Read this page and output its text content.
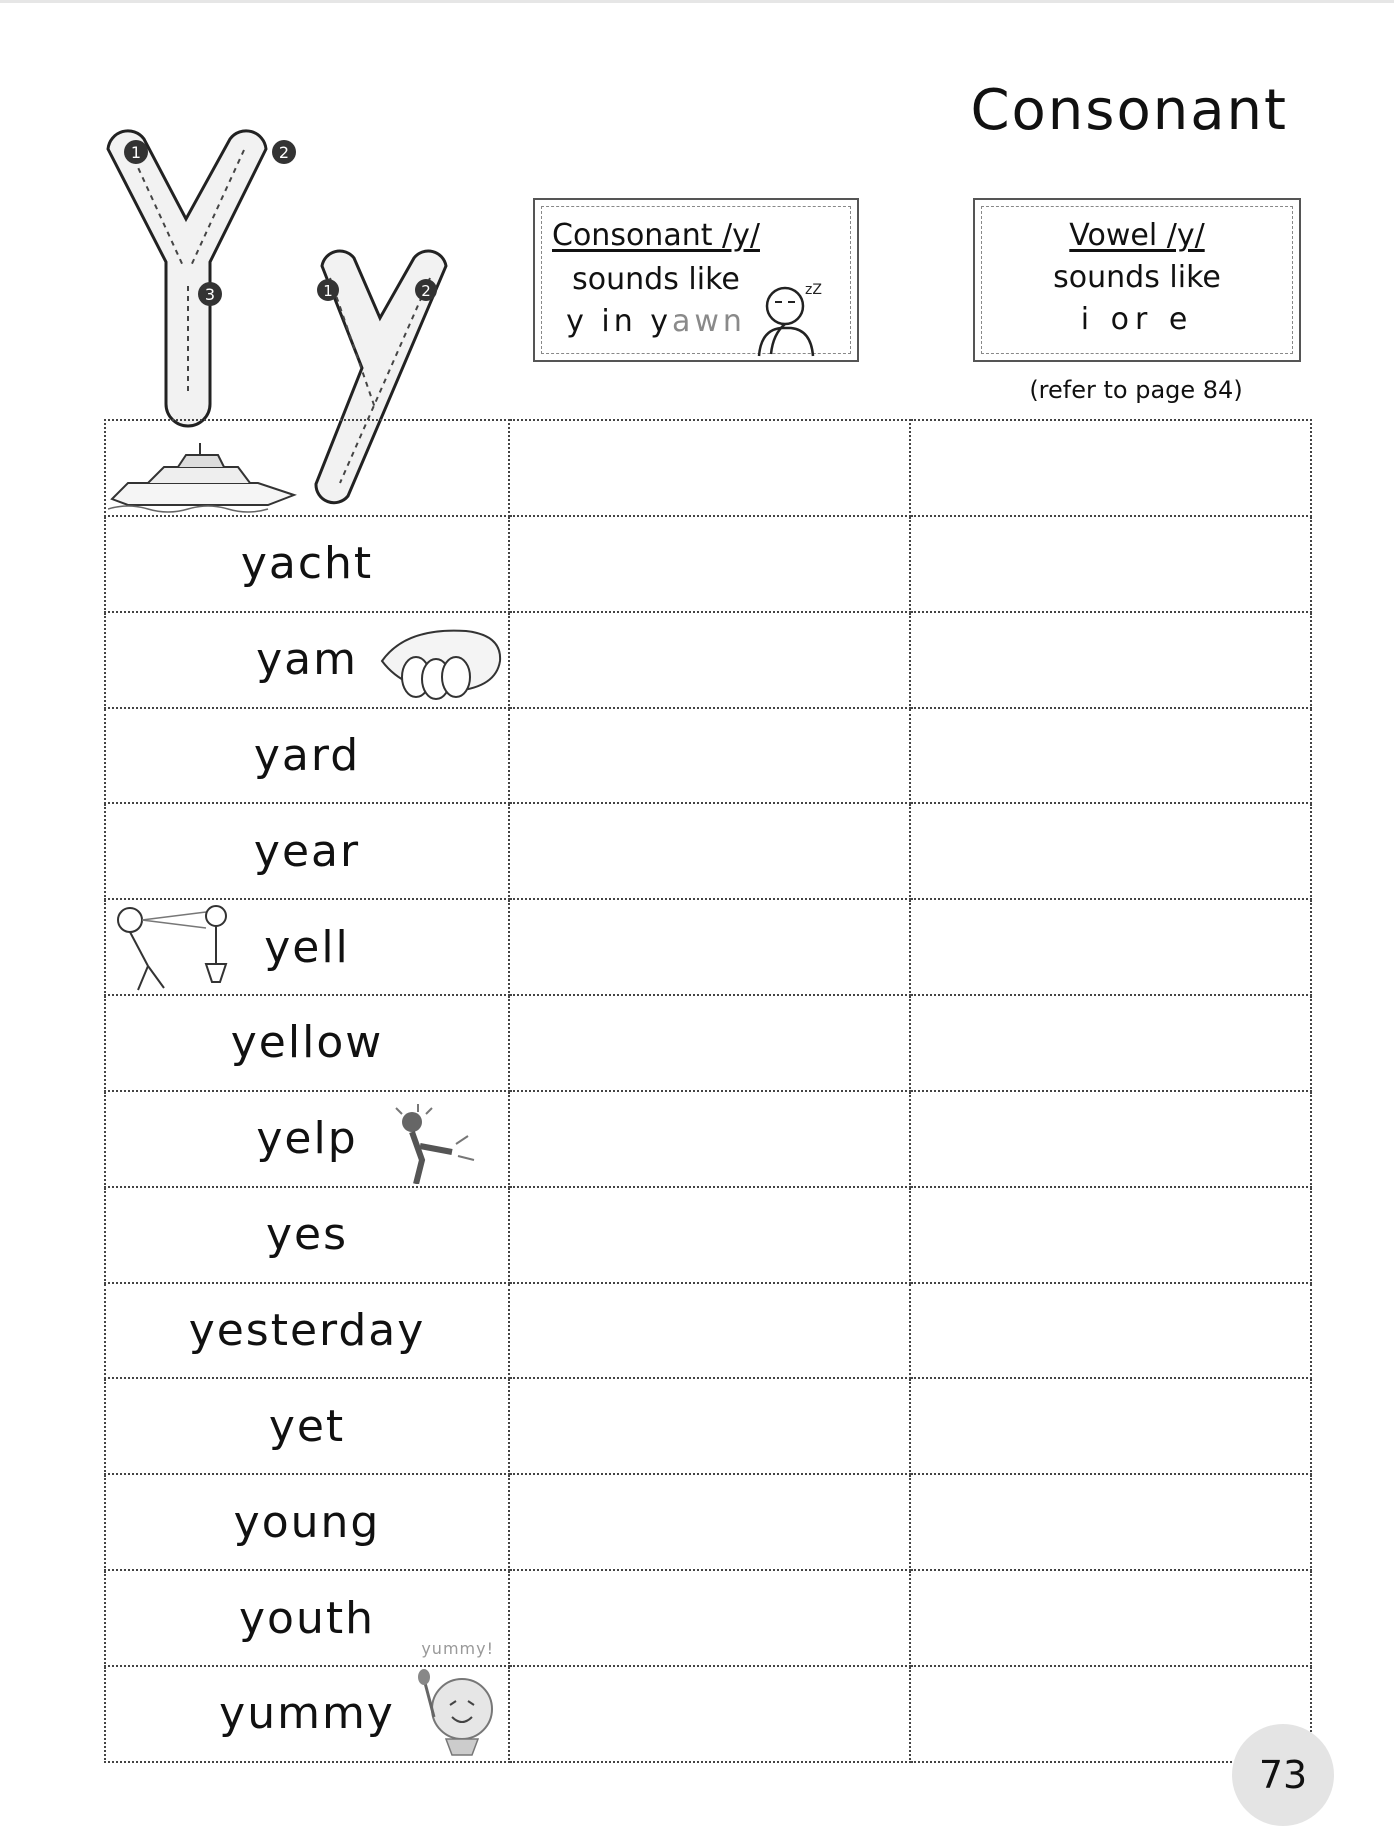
Consonant
1	2
3	1	2
Consonant /y/
sounds like
y in yawn
zZ
Vowel /y/
sounds like
i or e
(refer to page 84)

yacht		
yam

yard		
year		
yell

yellow		
yelp

yes		
yesterday		
yet		
young		
youth		
yummy
yummy!		

73
